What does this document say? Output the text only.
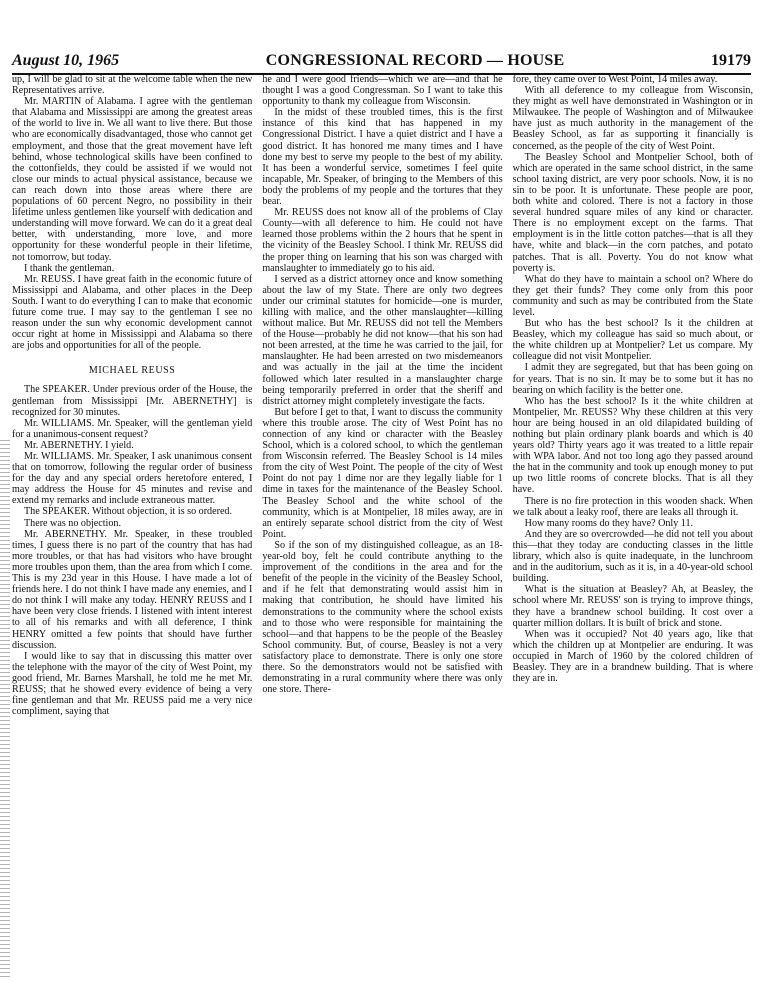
August 10, 1965	CONGRESSIONAL RECORD — HOUSE	19179

up, I will be glad to sit at the welcome table when the new Representatives arrive.

Mr. MARTIN of Alabama. I agree with the gentleman that Alabama and Mississippi are among the greatest areas of the world to live in. We all want to live there. But those who are economically disadvantaged, those who cannot get employment, and those that the great movement have left behind, whose technological skills have been confined to the cottonfields, they could be assisted if we would not close our minds to actual physical assistance, because we can reach down into those areas where there are populations of 60 percent Negro, no possibility in their lifetime unless gentlemen like yourself with dedication and understanding will move forward. We can do it a great deal better, with understanding, more love, and more opportunity for these wonderful people in their lifetime, not tomorrow, but today.

I thank the gentleman.

Mr. REUSS. I have great faith in the economic future of Mississippi and Alabama, and other places in the Deep South. I want to do everything I can to make that economic future come true. I may say to the gentleman I see no reason under the sun why economic development cannot occur right at home in Mississippi and Alabama so there are jobs and opportunities for all of the people.

MICHAEL REUSS

The SPEAKER. Under previous order of the House, the gentleman from Mississippi [Mr. ABERNETHY] is recognized for 30 minutes.

Mr. WILLIAMS. Mr. Speaker, will the gentleman yield for a unanimous-consent request?

Mr. ABERNETHY. I yield.

Mr. WILLIAMS. Mr. Speaker, I ask unanimous consent that on tomorrow, following the regular order of business for the day and any special orders heretofore entered, I may address the House for 45 minutes and revise and extend my remarks and include extraneous matter.

The SPEAKER. Without objection, it is so ordered.

There was no objection.

Mr. ABERNETHY. Mr. Speaker, in these troubled times, I guess there is no part of the country that has had more troubles, or that has had visitors who have brought more troubles upon them, than the area from which I come. This is my 23d year in this House. I have made a lot of friends here. I do not think I have made any enemies, and I do not think I will make any today. HENRY REUSS and I have been very close friends. I listened with intent interest to all of his remarks and with all deference, I think HENRY omitted a few points that should have further discussion.

I would like to say that in discussing this matter over the telephone with the mayor of the city of West Point, my good friend, Mr. Barnes Marshall, he told me he met Mr. REUSS; that he showed every evidence of being a very fine gentleman and that Mr. REUSS paid me a very nice compliment, saying that

he and I were good friends—which we are—and that he thought I was a good Congressman. So I want to take this opportunity to thank my colleague from Wisconsin.

In the midst of these troubled times, this is the first instance of this kind that has happened in my Congressional District. I have a quiet district and I have a good district. It has honored me many times and I have done my best to serve my people to the best of my ability. It has been a wonderful service, sometimes I feel quite incapable, Mr. Speaker, of bringing to the Members of this body the problems of my people and the tortures that they bear.

Mr. REUSS does not know all of the problems of Clay County—with all deference to him. He could not have learned those problems within the 2 hours that he spent in the vicinity of the Beasley School. I think Mr. REUSS did the proper thing on learning that his son was charged with manslaughter to immediately go to his aid.

I served as a district attorney once and know something about the law of my State. There are only two degrees under our criminal statutes for homicide—one is murder, killing with malice, and the other manslaughter—killing without malice. But Mr. REUSS did not tell the Members of the House—probably he did not know—that his son had not been arrested, at the time he was carried to the jail, for manslaughter. He had been arrested on two misdemeanors and was actually in the jail at the time the incident followed which later resulted in a manslaughter charge being temporarily preferred in order that the sheriff and district attorney might completely investigate the facts.

But before I get to that, I want to discuss the community where this trouble arose. The city of West Point has no connection of any kind or character with the Beasley School, which is a colored school, to which the gentleman from Wisconsin referred. The Beasley School is 14 miles from the city of West Point. The people of the city of West Point do not pay 1 dime nor are they legally liable for 1 dime in taxes for the maintenance of the Beasley School. The Beasley School and the white school of the community, which is at Montpelier, 18 miles away, are in an entirely separate school district from the city of West Point.

So if the son of my distinguished colleague, as an 18-year-old boy, felt he could contribute anything to the improvement of the conditions in the area and for the benefit of the people in the vicinity of the Beasley School, and if he felt that demonstrating would assist him in making that contribution, he should have limited his demonstrations to the community where the school exists and to those who were responsible for maintaining the school—and that happens to be the people of the Beasley School community. But, of course, Beasley is not a very satisfactory place to demonstrate. There is only one store there. So the demonstrators would not be satisfied with demonstrating in a rural community where there was only one store. There-

fore, they came over to West Point, 14 miles away.

With all deference to my colleague from Wisconsin, they might as well have demonstrated in Washington or in Milwaukee. The people of Washington and of Milwaukee have just as much authority in the management of the Beasley School, as far as supporting it financially is concerned, as the people of the city of West Point.

The Beasley School and Montpelier School, both of which are operated in the same school district, in the same school taxing district, are very poor schools. Now, it is no sin to be poor. It is unfortunate. These people are poor, both white and colored. There is not a factory in those several hundred square miles of any kind or character. There is no employment except on the farms. That employment is in the little cotton patches—that is all they have, white and black—in the corn patches, and potato patches. That is all. Poverty. You do not know what poverty is.

What do they have to maintain a school on? Where do they get their funds? They come only from this poor community and such as may be contributed from the State level.

But who has the best school? Is it the children at Beasley, which my colleague has said so much about, or the white children up at Montpelier? Let us compare. My colleague did not visit Montpelier.

I admit they are segregated, but that has been going on for years. That is no sin. It may be to some but it has no bearing on which facility is the better one.

Who has the best school? Is it the white children at Montpelier, Mr. REUSS? Why these children at this very hour are being housed in an old dilapidated building of nothing but plain ordinary plank boards and which is 40 years old? Thirty years ago it was treated to a little repair with WPA labor. And not too long ago they passed around the hat in the community and took up enough money to put up two little rooms of concrete blocks. That is all they have.

There is no fire protection in this wooden shack. When we talk about a leaky roof, there are leaks all through it.

How many rooms do they have? Only 11.

And they are so overcrowded—he did not tell you about this—that they today are conducting classes in the little library, which also is quite inadequate, in the lunchroom and in the auditorium, such as it is, in a 40-year-old school building.

What is the situation at Beasley? Ah, at Beasley, the school where Mr. REUSS' son is trying to improve things, they have a brandnew school building. It cost over a quarter million dollars. It is built of brick and stone.

When was it occupied? Not 40 years ago, like that which the children up at Montpelier are enduring. It was occupied in March of 1960 by the colored children of Beasley. They are in a brandnew building. That is where they are in.
